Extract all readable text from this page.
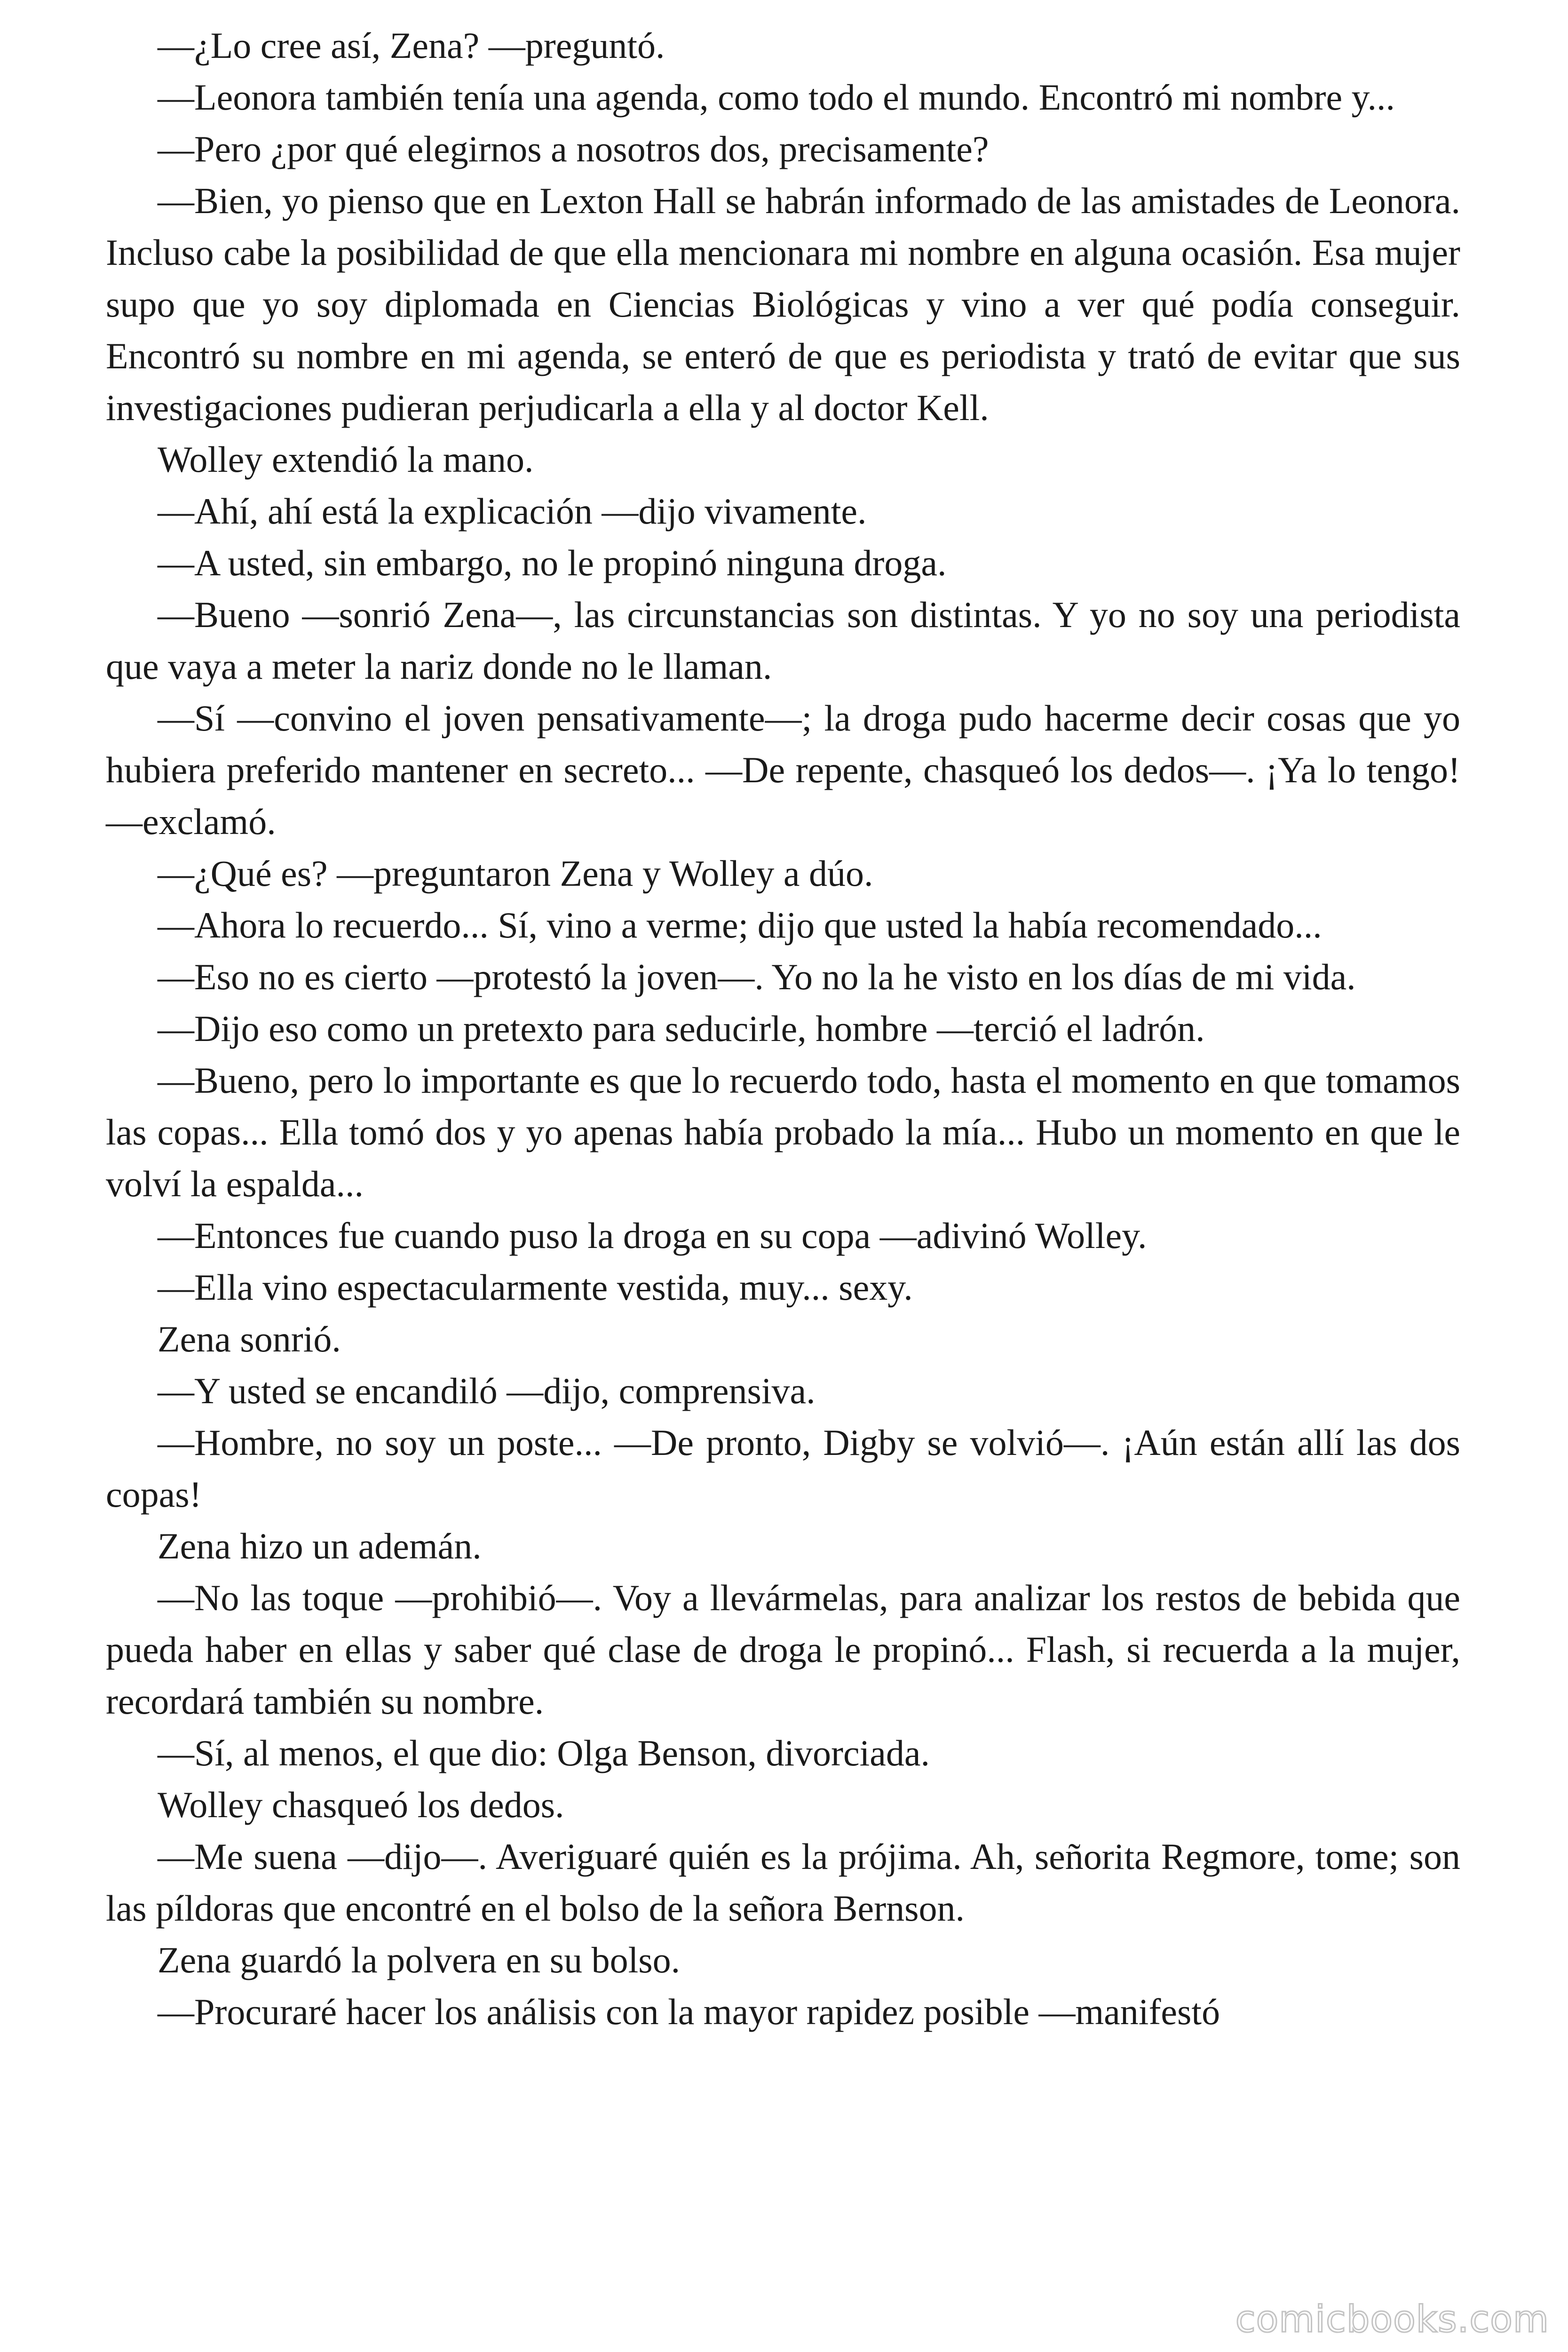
—¿Lo cree así, Zena? —preguntó.

—Leonora también tenía una agenda, como todo el mundo. Encontró mi nombre y...

—Pero ¿por qué elegirnos a nosotros dos, precisamente?

—Bien, yo pienso que en Lexton Hall se habrán informado de las amistades de Leonora. Incluso cabe la posibilidad de que ella mencionara mi nombre en alguna ocasión. Esa mujer supo que yo soy diplomada en Ciencias Biológicas y vino a ver qué podía conseguir. Encontró su nombre en mi agenda, se enteró de que es periodista y trató de evitar que sus investigaciones pudieran perjudicarla a ella y al doctor Kell.

Wolley extendió la mano.

—Ahí, ahí está la explicación —dijo vivamente.

—A usted, sin embargo, no le propinó ninguna droga.

—Bueno —sonrió Zena—, las circunstancias son distintas. Y yo no soy una periodista que vaya a meter la nariz donde no le llaman.

—Sí —convino el joven pensativamente—; la droga pudo hacerme decir cosas que yo hubiera preferido mantener en secreto... —De repente, chasqueó los dedos—. ¡Ya lo tengo! —exclamó.

—¿Qué es? —preguntaron Zena y Wolley a dúo.

—Ahora lo recuerdo... Sí, vino a verme; dijo que usted la había recomendado...

—Eso no es cierto —protestó la joven—. Yo no la he visto en los días de mi vida.

—Dijo eso como un pretexto para seducirle, hombre —terció el ladrón.

—Bueno, pero lo importante es que lo recuerdo todo, hasta el momento en que tomamos las copas... Ella tomó dos y yo apenas había probado la mía... Hubo un momento en que le volví la espalda...

—Entonces fue cuando puso la droga en su copa —adivinó Wolley.

—Ella vino espectacularmente vestida, muy... sexy.

Zena sonrió.

—Y usted se encandiló —dijo, comprensiva.

—Hombre, no soy un poste... —De pronto, Digby se volvió—. ¡Aún están allí las dos copas!

Zena hizo un ademán.

—No las toque —prohibió—. Voy a llevármelas, para analizar los restos de bebida que pueda haber en ellas y saber qué clase de droga le propinó... Flash, si recuerda a la mujer, recordará también su nombre.

—Sí, al menos, el que dio: Olga Benson, divorciada.

Wolley chasqueó los dedos.

—Me suena —dijo—. Averiguaré quién es la prójima. Ah, señorita Regmore, tome; son las píldoras que encontré en el bolso de la señora Bernson.

Zena guardó la polvera en su bolso.

—Procuraré hacer los análisis con la mayor rapidez posible —manifestó

comicbooks.com
